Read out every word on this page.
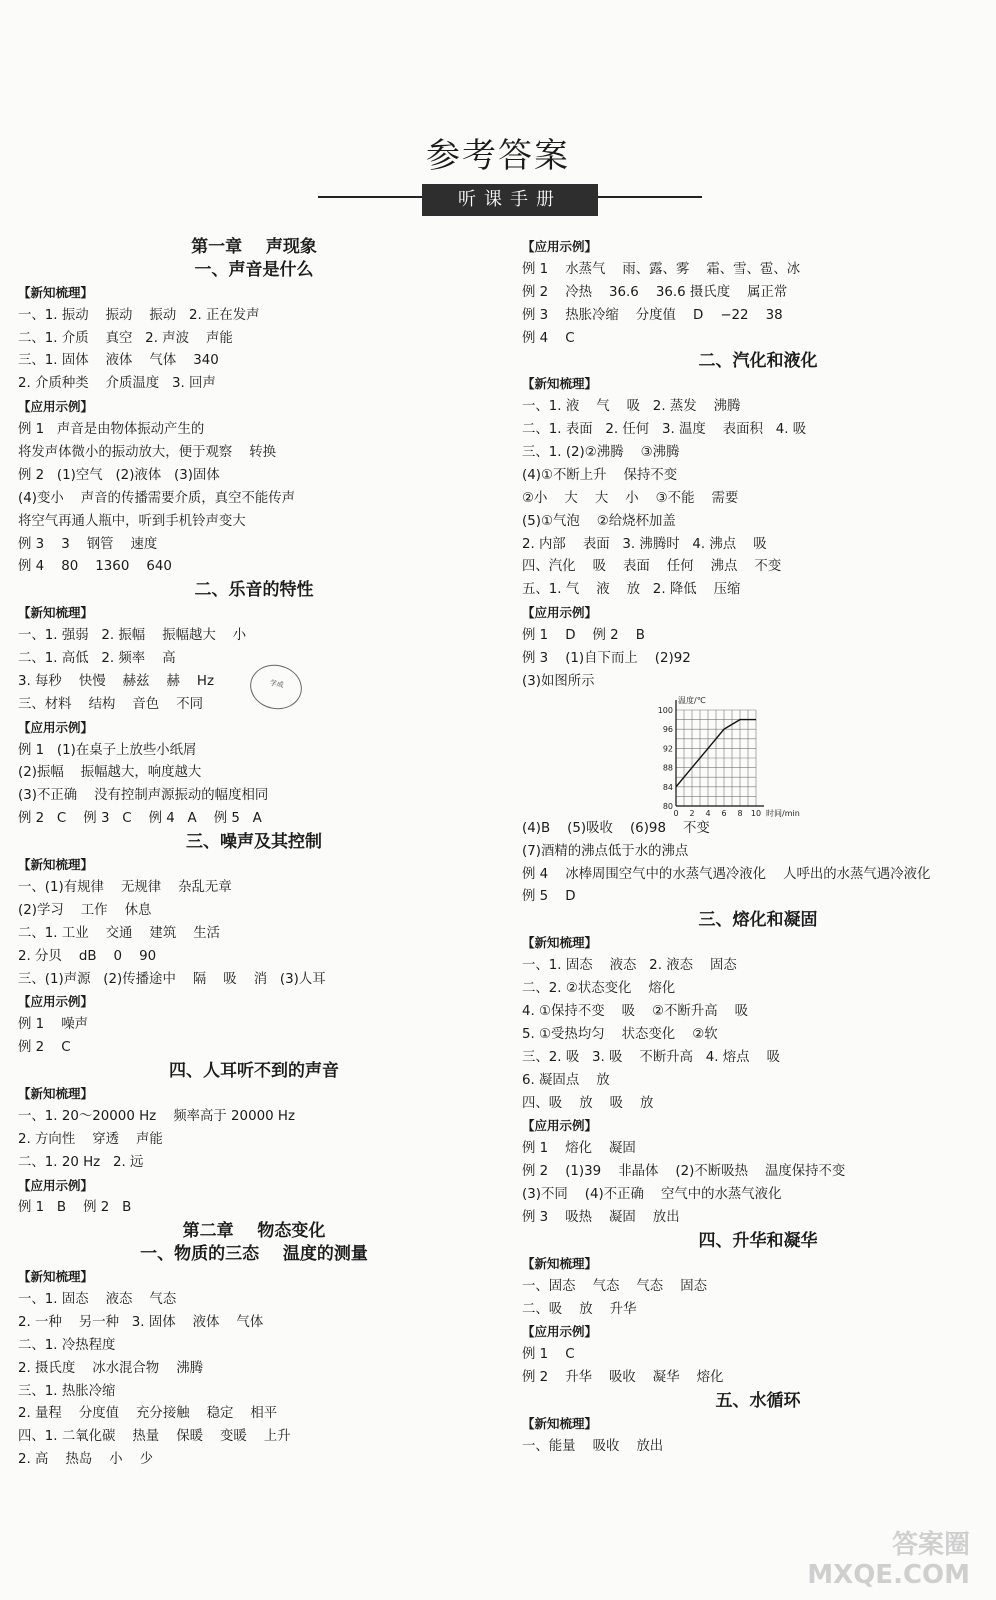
参考答案
听课手册
第一章    声现象
一、声音是什么
【新知梳理】
一、1. 振动    振动    振动   2. 正在发声
二、1. 介质    真空   2. 声波    声能
三、1. 固体    液体    气体    340
2. 介质种类    介质温度   3. 回声
【应用示例】
例 1   声音是由物体振动产生的
将发声体微小的振动放大，便于观察    转换
例 2   (1)空气   (2)液体   (3)固体
(4)变小    声音的传播需要介质，真空不能传声
将空气再通人瓶中，听到手机铃声变大
例 3    3    钢管    速度
例 4    80    1360    640
二、乐音的特性
【新知梳理】
一、1. 强弱   2. 振幅    振幅越大    小
二、1. 高低   2. 频率    高
3. 每秒    快慢    赫兹    赫    Hz
三、材料    结构    音色    不同
【应用示例】
例 1   (1)在桌子上放些小纸屑
(2)振幅    振幅越大，响度越大
(3)不正确    没有控制声源振动的幅度相同
例 2   C    例 3   C    例 4   A    例 5   A
三、噪声及其控制
【新知梳理】
一、(1)有规律    无规律    杂乱无章
(2)学习    工作    休息
二、1. 工业    交通    建筑    生活
2. 分贝    dB    0    90
三、(1)声源   (2)传播途中    隔    吸    消   (3)人耳
【应用示例】
例 1    噪声
例 2    C
四、人耳听不到的声音
【新知梳理】
一、1. 20～20000 Hz    频率高于 20000 Hz
2. 方向性    穿透    声能
二、1. 20 Hz   2. 远
【应用示例】
例 1   B    例 2   B
第二章    物态变化
一、物质的三态    温度的测量
【新知梳理】
一、1. 固态    液态    气态
2. 一种    另一种   3. 固体    液体    气体
二、1. 冷热程度
2. 摄氏度    冰水混合物    沸腾
三、1. 热胀冷缩
2. 量程    分度值    充分接触    稳定    相平
四、1. 二氧化碳    热量    保暖    变暖    上升
2. 高    热岛    小    少
【应用示例】
例 1    水蒸气    雨、露、雾    霜、雪、雹、冰
例 2    冷热    36.6    36.6 摄氏度    属正常
例 3    热胀冷缩    分度值    D    −22    38
例 4    C
二、汽化和液化
【新知梳理】
一、1. 液    气    吸   2. 蒸发    沸腾
二、1. 表面   2. 任何   3. 温度    表面积   4. 吸
三、1. (2)②沸腾    ③沸腾
(4)①不断上升    保持不变
②小    大    大    小    ③不能    需要
(5)①气泡    ②给烧杯加盖
2. 内部    表面   3. 沸腾时   4. 沸点    吸
四、汽化    吸    表面    任何    沸点    不变
五、1. 气    液    放   2. 降低    压缩
【应用示例】
例 1    D    例 2    B
例 3    (1)自下而上    (2)92
(3)如图所示
0 2 4 6 8 10
80
84
88
92
96
100
温度/℃
时间/min
(4)B    (5)吸收    (6)98    不变
(7)酒精的沸点低于水的沸点
例 4    冰棒周围空气中的水蒸气遇冷液化    人呼出的水蒸气遇冷液化
例 5    D
三、熔化和凝固
【新知梳理】
一、1. 固态    液态   2. 液态    固态
二、2. ②状态变化    熔化
4. ①保持不变    吸    ②不断升高    吸
5. ①受热均匀    状态变化    ②软
三、2. 吸   3. 吸    不断升高   4. 熔点    吸
6. 凝固点    放
四、吸    放    吸    放
【应用示例】
例 1    熔化    凝固
例 2    (1)39    非晶体    (2)不断吸热    温度保持不变
(3)不同    (4)不正确    空气中的水蒸气液化
例 3    吸热    凝固    放出
四、升华和凝华
【新知梳理】
一、固态    气态    气态    固态
二、吸    放    升华
【应用示例】
例 1    C
例 2    升华    吸收    凝华    熔化
五、水循环
【新知梳理】
一、能量    吸收    放出

学成
答案圈
MXQE.COM
